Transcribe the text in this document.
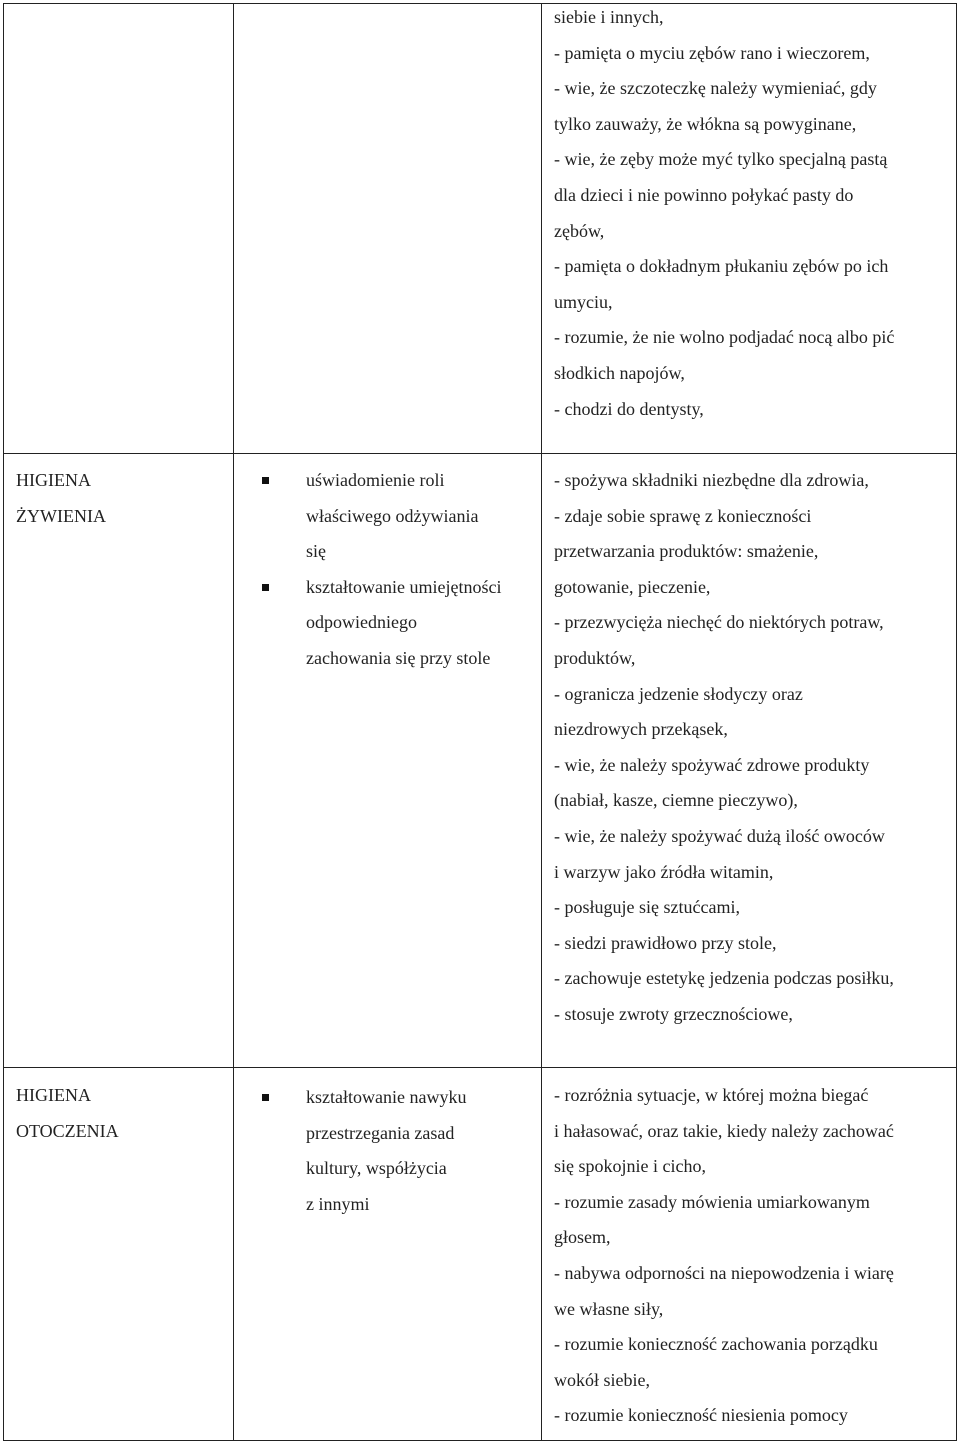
siebie i innych,
- pamięta o myciu zębów rano i wieczorem,
- wie, że szczoteczkę należy wymieniać, gdy
tylko zauważy, że włókna są powyginane,
- wie, że zęby może myć tylko specjalną pastą
dla dzieci i nie powinno połykać pasty do
zębów,
- pamięta o dokładnym płukaniu zębów po ich
umyciu,
- rozumie, że nie wolno podjadać nocą albo pić
słodkich napojów,
- chodzi do dentysty,
HIGIENA
ŻYWIENIA
uświadomienie roli
właściwego odżywiania
się
kształtowanie umiejętności
odpowiedniego
zachowania się przy stole
- spożywa składniki niezbędne dla zdrowia,
- zdaje sobie sprawę z konieczności
przetwarzania produktów: smażenie,
gotowanie, pieczenie,
- przezwycięża niechęć do niektórych potraw,
produktów,
- ogranicza jedzenie słodyczy oraz
niezdrowych przekąsek,
- wie, że należy spożywać zdrowe produkty
(nabiał, kasze, ciemne pieczywo),
- wie, że należy spożywać dużą ilość owoców
i warzyw jako źródła witamin,
- posługuje się sztućcami,
- siedzi prawidłowo przy stole,
- zachowuje estetykę jedzenia podczas posiłku,
- stosuje zwroty grzecznościowe,
HIGIENA
OTOCZENIA
kształtowanie nawyku
przestrzegania zasad
kultury, współżycia
z innymi
- rozróżnia sytuacje, w której można biegać
i hałasować, oraz takie, kiedy należy zachować
się spokojnie i cicho,
- rozumie zasady mówienia umiarkowanym
głosem,
- nabywa odporności na niepowodzenia i wiarę
we własne siły,
- rozumie konieczność zachowania porządku
wokół siebie,
- rozumie konieczność niesienia pomocy
